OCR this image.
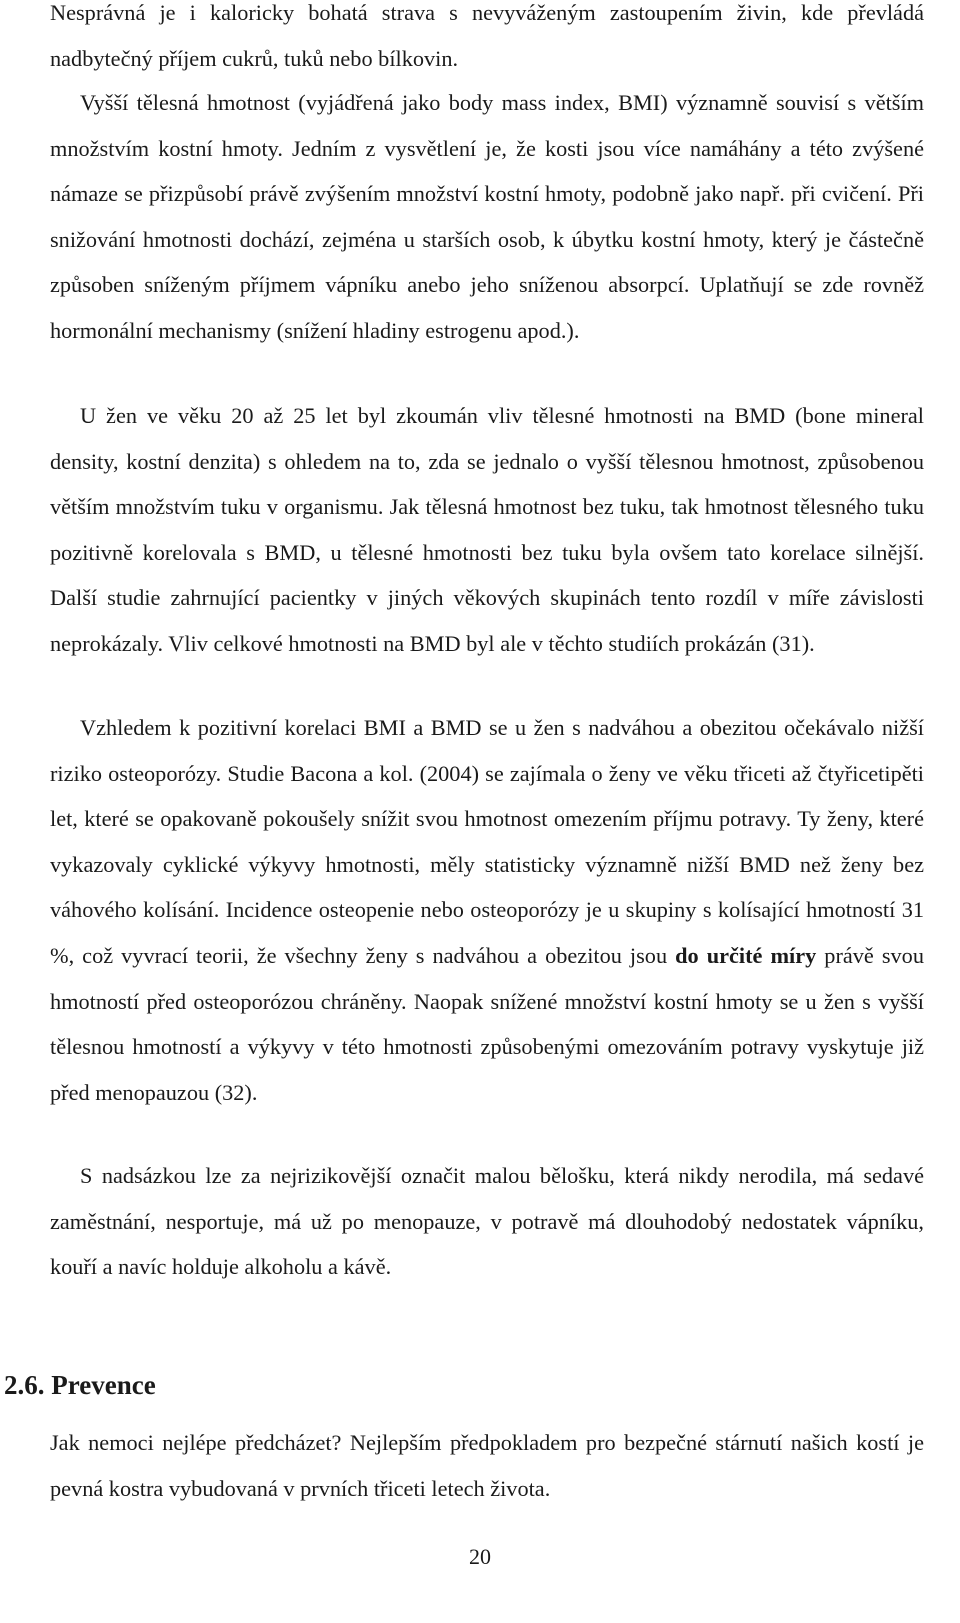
Nesprávná je i kaloricky bohatá strava s nevyváženým zastoupením živin, kde převládá nadbytečný příjem cukrů, tuků nebo bílkovin.

Vyšší tělesná hmotnost (vyjádřená jako body mass index, BMI) významně souvisí s větším množstvím kostní hmoty. Jedním z vysvětlení je, že kosti jsou více namáhány a této zvýšené námaze se přizpůsobí právě zvýšením množství kostní hmoty, podobně jako např. při cvičení. Při snižování hmotnosti dochází, zejména u starších osob, k úbytku kostní hmoty, který je částečně způsoben sníženým příjmem vápníku anebo jeho sníženou absorpcí. Uplatňují se zde rovněž hormonální mechanismy (snížení hladiny estrogenu apod.).

U žen ve věku 20 až 25 let byl zkoumán vliv tělesné hmotnosti na BMD (bone mineral density, kostní denzita) s ohledem na to, zda se jednalo o vyšší tělesnou hmotnost, způsobenou větším množstvím tuku v organismu. Jak tělesná hmotnost bez tuku, tak hmotnost tělesného tuku pozitivně korelovala s BMD, u tělesné hmotnosti bez tuku byla ovšem tato korelace silnější. Další studie zahrnující pacientky v jiných věkových skupinách tento rozdíl v míře závislosti neprokázaly. Vliv celkové hmotnosti na BMD byl ale v těchto studiích prokázán (31).

Vzhledem k pozitivní korelaci BMI a BMD se u žen s nadváhou a obezitou očekávalo nižší riziko osteoporózy. Studie Bacona a kol. (2004) se zajímala o ženy ve věku třiceti až čtyřicetipěti let, které se opakovaně pokoušely snížit svou hmotnost omezením příjmu potravy. Ty ženy, které vykazovaly cyklické výkyvy hmotnosti, měly statisticky významně nižší BMD než ženy bez váhového kolísání. Incidence osteopenie nebo osteoporózy je u skupiny s kolísající hmotností 31 %, což vyvrací teorii, že všechny ženy s nadváhou a obezitou jsou do určité míry právě svou hmotností před osteoporózou chráněny. Naopak snížené množství kostní hmoty se u žen s vyšší tělesnou hmotností a výkyvy v této hmotnosti způsobenými omezováním potravy vyskytuje již před menopauzou (32).

S nadsázkou lze za nejrizikovější označit malou bělošku, která nikdy nerodila, má sedavé zaměstnání, nesportuje, má už po menopauze, v potravě má dlouhodobý nedostatek vápníku, kouří a navíc holduje alkoholu a kávě.

2.6. Prevence

Jak nemoci nejlépe předcházet? Nejlepším předpokladem pro bezpečné stárnutí našich kostí je pevná kostra vybudovaná v prvních třiceti letech života.

20
